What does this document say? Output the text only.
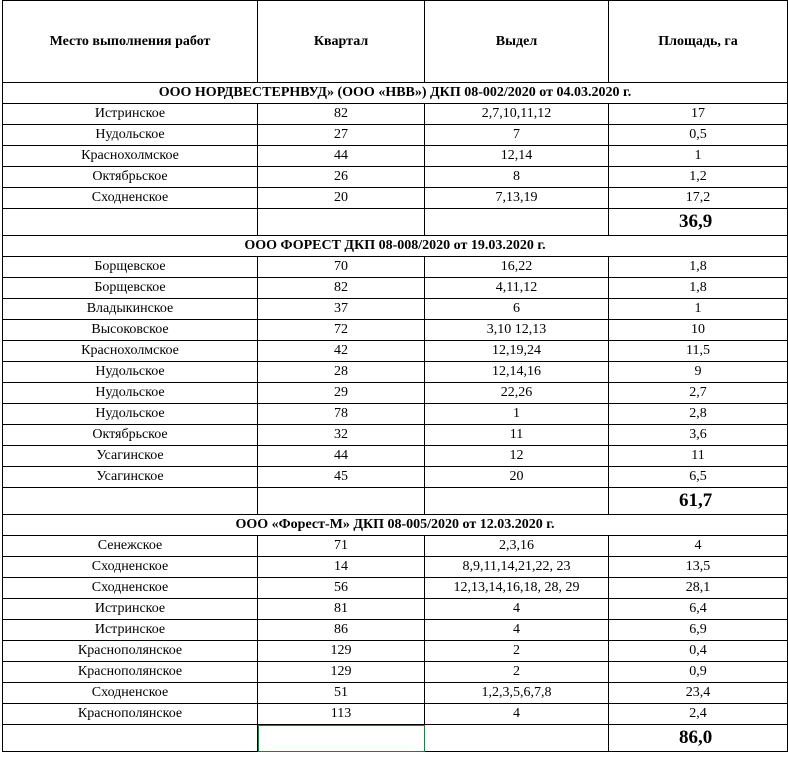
Место выполнения работ	Квартал	Выдел	Площадь, га
ООО НОРДВЕСТЕРНВУД» (ООО «НВВ») ДКП 08-002/2020 от 04.03.2020 г.			
Истринское	82	2,7,10,11,12	17
Нудольское	27	7	0,5
Краснохолмское	44	12,14	1
Октябрьское	26	8	1,2
Сходненское	20	7,13,19	17,2
			36,9
ООО ФОРЕСТ ДКП 08-008/2020 от 19.03.2020 г.			
Борщевское	70	16,22	1,8
Борщевское	82	4,11,12	1,8
Владыкинское	37	6	1
Высоковское	72	3,10 12,13	10
Краснохолмское	42	12,19,24	11,5
Нудольское	28	12,14,16	9
Нудольское	29	22,26	2,7
Нудольское	78	1	2,8
Октябрьское	32	11	3,6
Усагинское	44	12	11
Усагинское	45	20	6,5
			61,7
ООО «Форест-М» ДКП 08-005/2020 от 12.03.2020 г.			
Сенежское	71	2,3,16	4
Сходненское	14	8,9,11,14,21,22, 23	13,5
Сходненское	56	12,13,14,16,18, 28, 29	28,1
Истринское	81	4	6,4
Истринское	86	4	6,9
Краснополянское	129	2	0,4
Краснополянское	129	2	0,9
Сходненское	51	1,2,3,5,6,7,8	23,4
Краснополянское	113	4	2,4
			86,0
